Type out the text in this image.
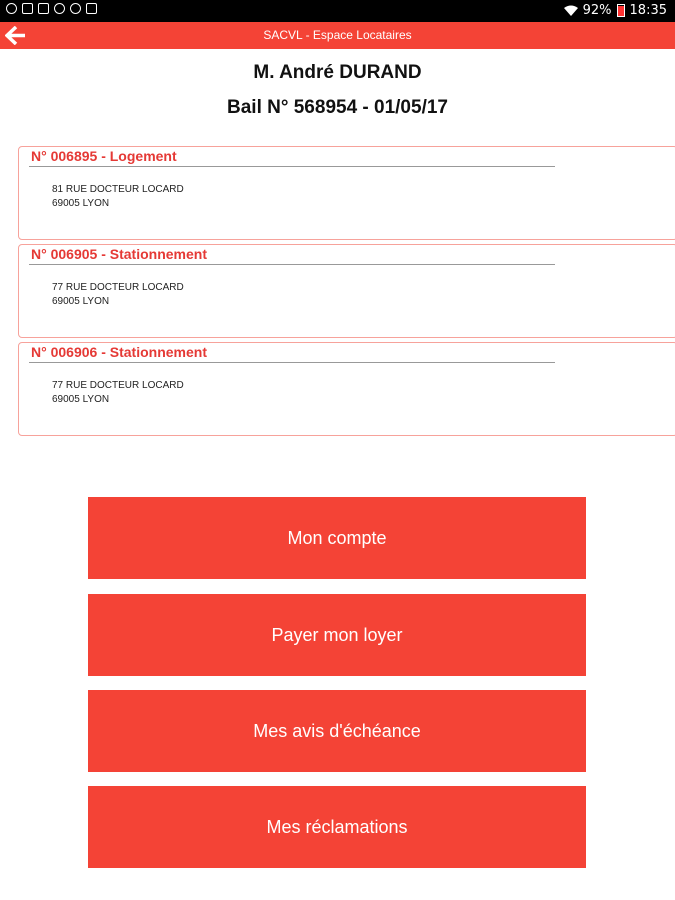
92% 18:35
SACVL - Espace Locataires
M. André DURAND
Bail N° 568954 - 01/05/17
N° 006895 - Logement
81 RUE DOCTEUR LOCARD
69005 LYON
N° 006905 - Stationnement
77 RUE DOCTEUR LOCARD
69005 LYON
N° 006906 - Stationnement
77 RUE DOCTEUR LOCARD
69005 LYON
Mon compte
Payer mon loyer
Mes avis d'échéance
Mes réclamations
